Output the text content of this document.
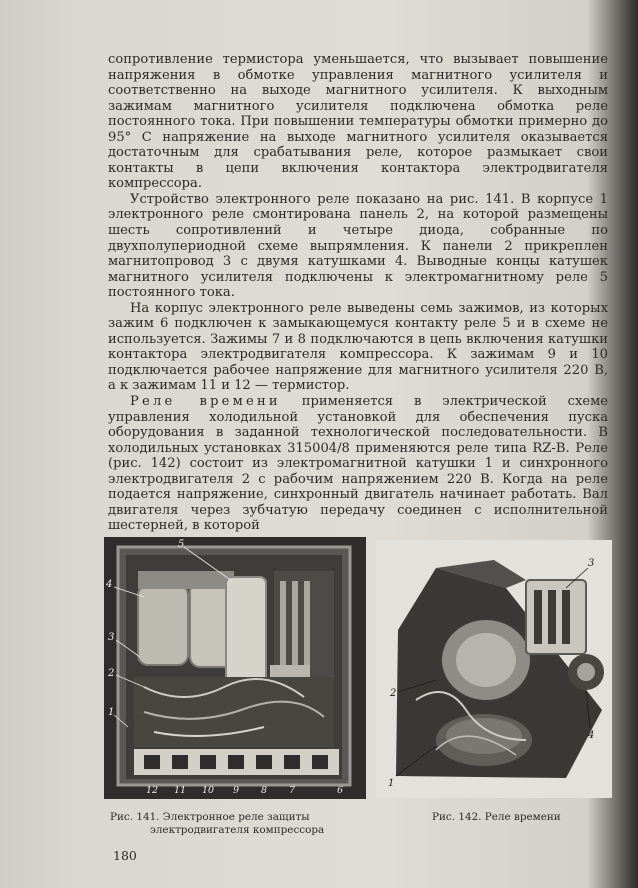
сопротивление термистора уменьшается, что вызывает повышение напряжения в обмотке управления магнитного усилителя и соответственно на выходе магнитного усилителя. К выходным зажимам магнитного усилителя подключена обмотка реле постоянного тока. При повышении температуры обмотки примерно до 95° С напряжение на выходе магнитного усилителя оказывается достаточным для срабатывания реле, которое размыкает свои контакты в цепи включения контактора электродвигателя компрессора.

Устройство электронного реле показано на рис. 141. В корпусе 1 электронного реле смонтирована панель 2, на которой размещены шесть сопротивлений и четыре диода, собранные по двухполупериодной схеме выпрямления. К панели 2 прикреплен магнитопровод 3 с двумя катушками 4. Выводные концы катушек магнитного усилителя подключены к электромагнитному реле 5 постоянного тока.

На корпус электронного реле выведены семь зажимов, из которых зажим 6 подключен к замыкающемуся контакту реле 5 и в схеме не используется. Зажимы 7 и 8 подключаются в цепь включения катушки контактора электродвигателя компрессора. К зажимам 9 и 10 подключается рабочее напряжение для магнитного усилителя 220 В, а к зажимам 11 и 12 — термистор.

Реле времени применяется в электрической схеме управления холодильной установкой для обеспечения пуска оборудования в заданной технологической последовательности. В холодильных установках 315004/8 применяются реле типа RZ-B. Реле (рис. 142) состоит из электромагнитной катушки 1 и синхронного электродвигателя 2 с рабочим напряжением 220 В. Когда на реле подается напряжение, синхронный двигатель начинает работать. Вал двигателя через зубчатую передачу соединен с исполнительной шестерней, в которой

5
4
3
2
1
12 11 10 9 8 7	6
3
2
1
4
Рис. 141. Электронное реле защиты
электродвигателя компрессора
Рис. 142. Реле времени
180
